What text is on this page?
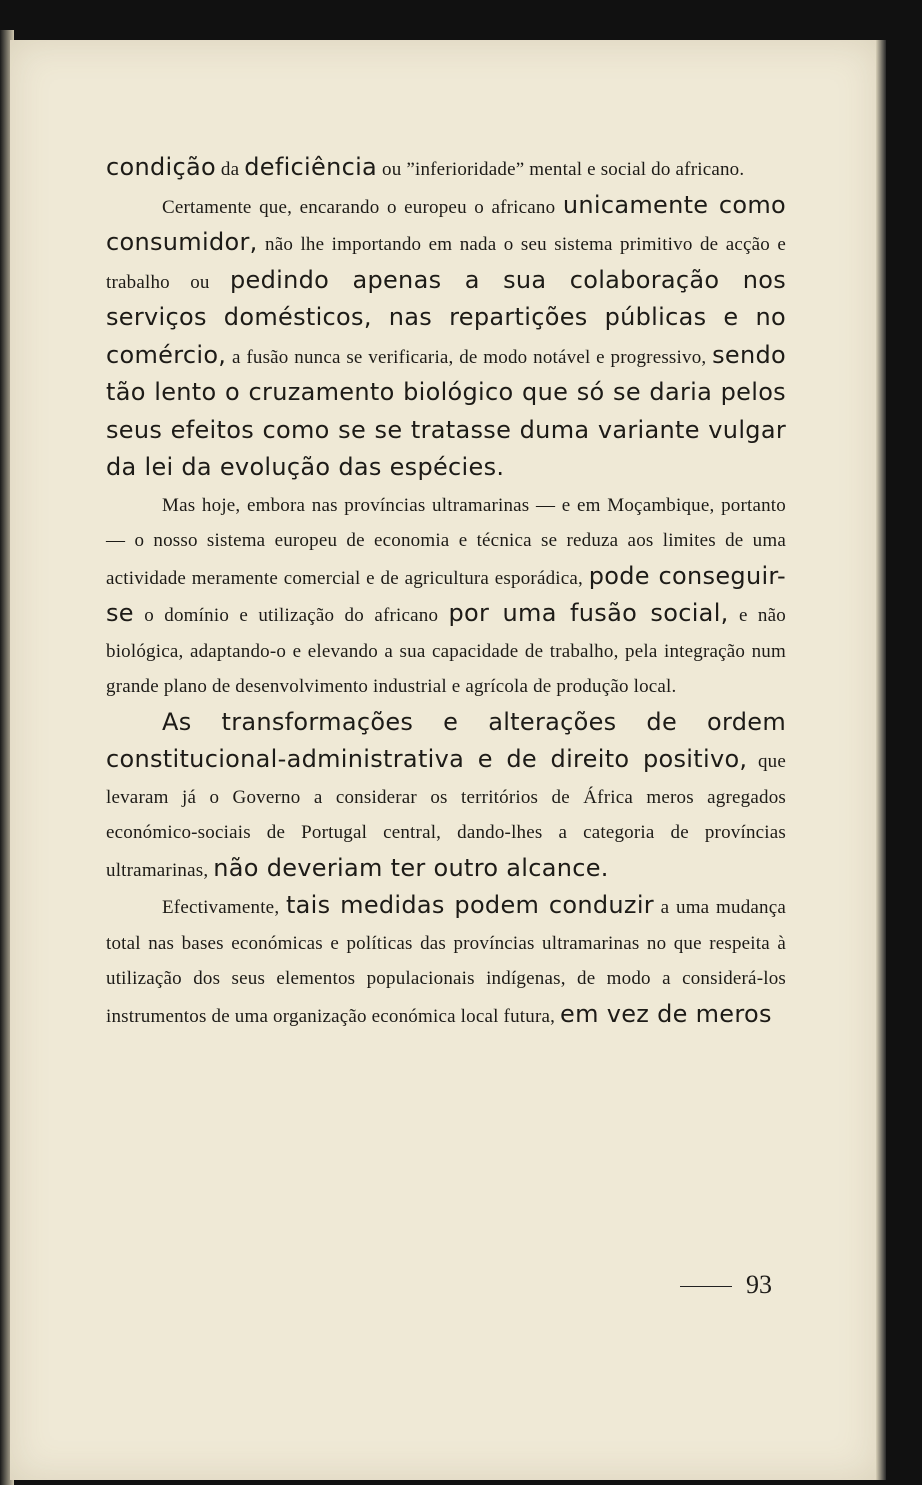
condição da deficiência ou ”inferioridade” mental e social do africano.

Certamente que, encarando o europeu o africano unicamente como consumidor, não lhe importando em nada o seu sistema primitivo de acção e trabalho ou pedindo apenas a sua colaboração nos serviços domésticos, nas repartições públicas e no comércio, a fusão nunca se verificaria, de modo notável e progressivo, sendo tão lento o cruzamento biológico que só se daria pelos seus efeitos como se se tratasse duma variante vulgar da lei da evolução das espécies.

Mas hoje, embora nas províncias ultramarinas — e em Moçambique, portanto — o nosso sistema europeu de economia e técnica se reduza aos limites de uma actividade meramente comercial e de agricultura esporádica, pode conseguir-se o domínio e utilização do africano por uma fusão social, e não biológica, adaptando-o e elevando a sua capacidade de trabalho, pela integração num grande plano de desenvolvimento industrial e agrícola de produção local.

As transformações e alterações de ordem constitucional-administrativa e de direito positivo, que levaram já o Governo a considerar os territórios de África meros agregados económico-sociais de Portugal central, dando-lhes a categoria de províncias ultramarinas, não deveriam ter outro alcance.

Efectivamente, tais medidas podem conduzir a uma mudança total nas bases económicas e políticas das províncias ultramarinas no que respeita à utilização dos seus elementos populacionais indígenas, de modo a considerá-los instrumentos de uma organização económica local futura, em vez de meros

93
